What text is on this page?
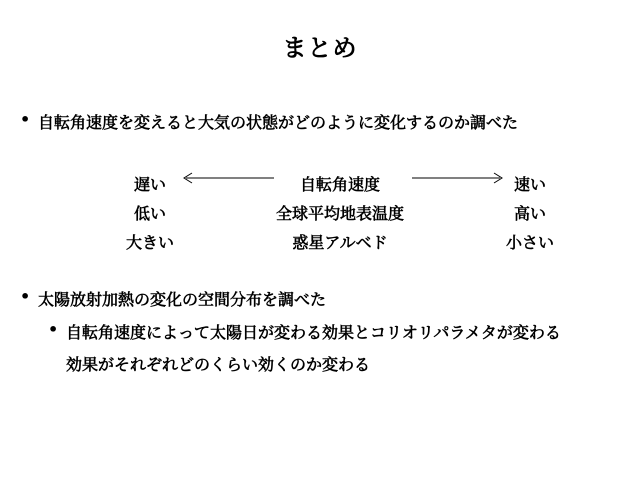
まとめ
• 自転角速度を変えると大気の状態がどのように変化するのか調べた
遅い	自転角速度	速い
低い	全球平均地表温度	高い
大きい	惑星アルベド	小さい
• 太陽放射加熱の変化の空間分布を調べた
• 自転角速度によって太陽日が変わる効果とコリオリパラメタが変わる
効果がそれぞれどのくらい効くのか変わる
